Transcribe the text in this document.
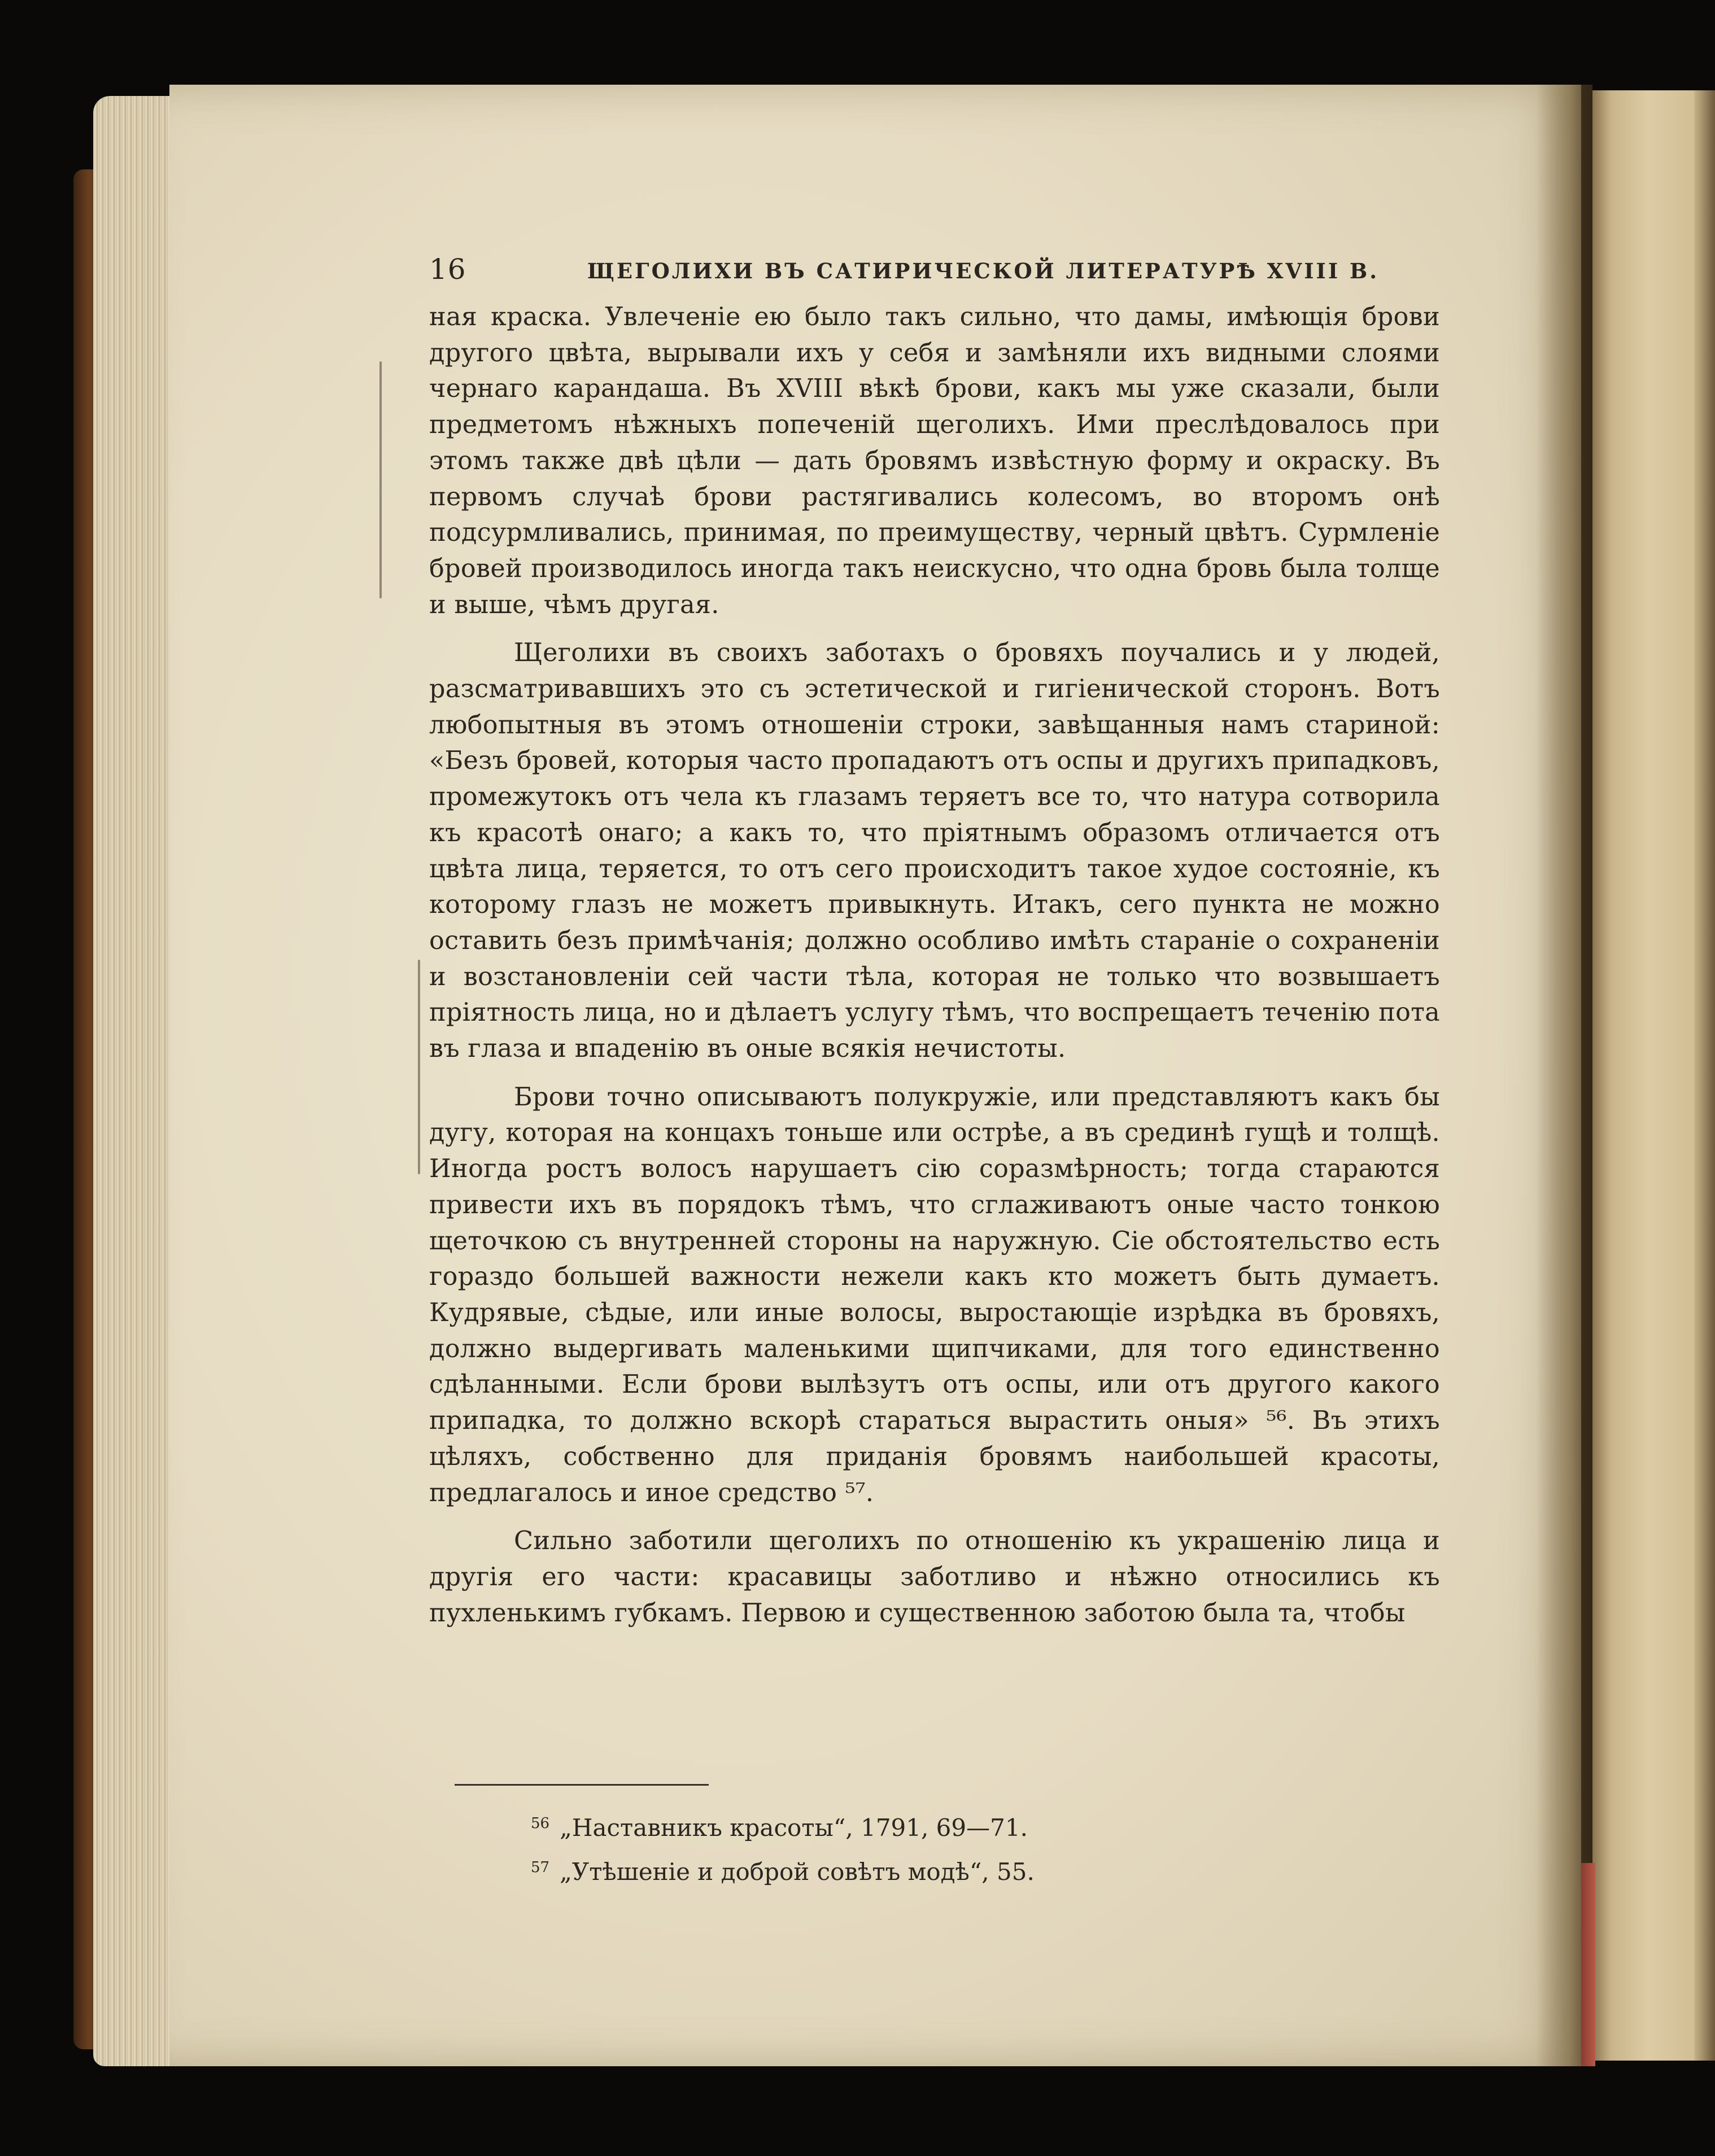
16	ЩЕГОЛИХИ ВЪ САТИРИЧЕСКОЙ ЛИТЕРАТУРѢ XVIII В.

ная краска. Увлеченіе ею было такъ сильно, что дамы, имѣющія брови другого цвѣта, вырывали ихъ у себя и замѣняли ихъ видными слоями чернаго карандаша. Въ XVIII вѣкѣ брови, какъ мы уже сказали, были предметомъ нѣжныхъ попеченій щеголихъ. Ими преслѣдовалось при этомъ также двѣ цѣли — дать бровямъ извѣстную форму и окраску. Въ первомъ случаѣ брови растягивались колесомъ, во второмъ онѣ подсурмливались, принимая, по преимуществу, черный цвѣтъ. Сурмленіе бровей производилось иногда такъ неискусно, что одна бровь была толще и выше, чѣмъ другая.

Щеголихи въ своихъ заботахъ о бровяхъ поучались и у людей, разсматривавшихъ это съ эстетической и гигіенической сторонъ. Вотъ любопытныя въ этомъ отношеніи строки, завѣщанныя намъ стариной: «Безъ бровей, которыя часто пропадаютъ отъ оспы и другихъ припадковъ, промежутокъ отъ чела къ глазамъ теряетъ все то, что натура сотворила къ красотѣ онаго; а какъ то, что пріятнымъ образомъ отличается отъ цвѣта лица, теряется, то отъ сего происходитъ такое худое состояніе, къ которому глазъ не можетъ привыкнуть. Итакъ, сего пункта не можно оставить безъ примѣчанія; должно особливо имѣть стараніе о сохраненіи и возстановленіи сей части тѣла, которая не только что возвышаетъ пріятность лица, но и дѣлаетъ услугу тѣмъ, что воспрещаетъ теченію пота въ глаза и впаденію въ оные всякія нечистоты.

Брови точно описываютъ полукружіе, или представляютъ какъ бы дугу, которая на концахъ тоньше или острѣе, а въ срединѣ гущѣ и толщѣ. Иногда ростъ волосъ нарушаетъ сію соразмѣрность; тогда стараются привести ихъ въ порядокъ тѣмъ, что сглаживаютъ оные часто тонкою щеточкою съ внутренней стороны на наружную. Сіе обстоятельство есть гораздо большей важности нежели какъ кто можетъ быть думаетъ. Кудрявые, сѣдые, или иные волосы, выростающіе изрѣдка въ бровяхъ, должно выдергивать маленькими щипчиками, для того единственно сдѣланными. Если брови вылѣзутъ отъ оспы, или отъ другого какого припадка, то должно вскорѣ стараться вырастить оныя» ⁵⁶. Въ этихъ цѣляхъ, собственно для приданія бровямъ наибольшей красоты, предлагалось и иное средство ⁵⁷.

Сильно заботили щеголихъ по отношенію къ украшенію лица и другія его части: красавицы заботливо и нѣжно относились къ пухленькимъ губкамъ. Первою и существенною заботою была та, чтобы

$^{56}$ „Наставникъ красоты“, 1791, 69—71.
$^{57}$ „Утѣшеніе и доброй совѣтъ модѣ“, 55.
